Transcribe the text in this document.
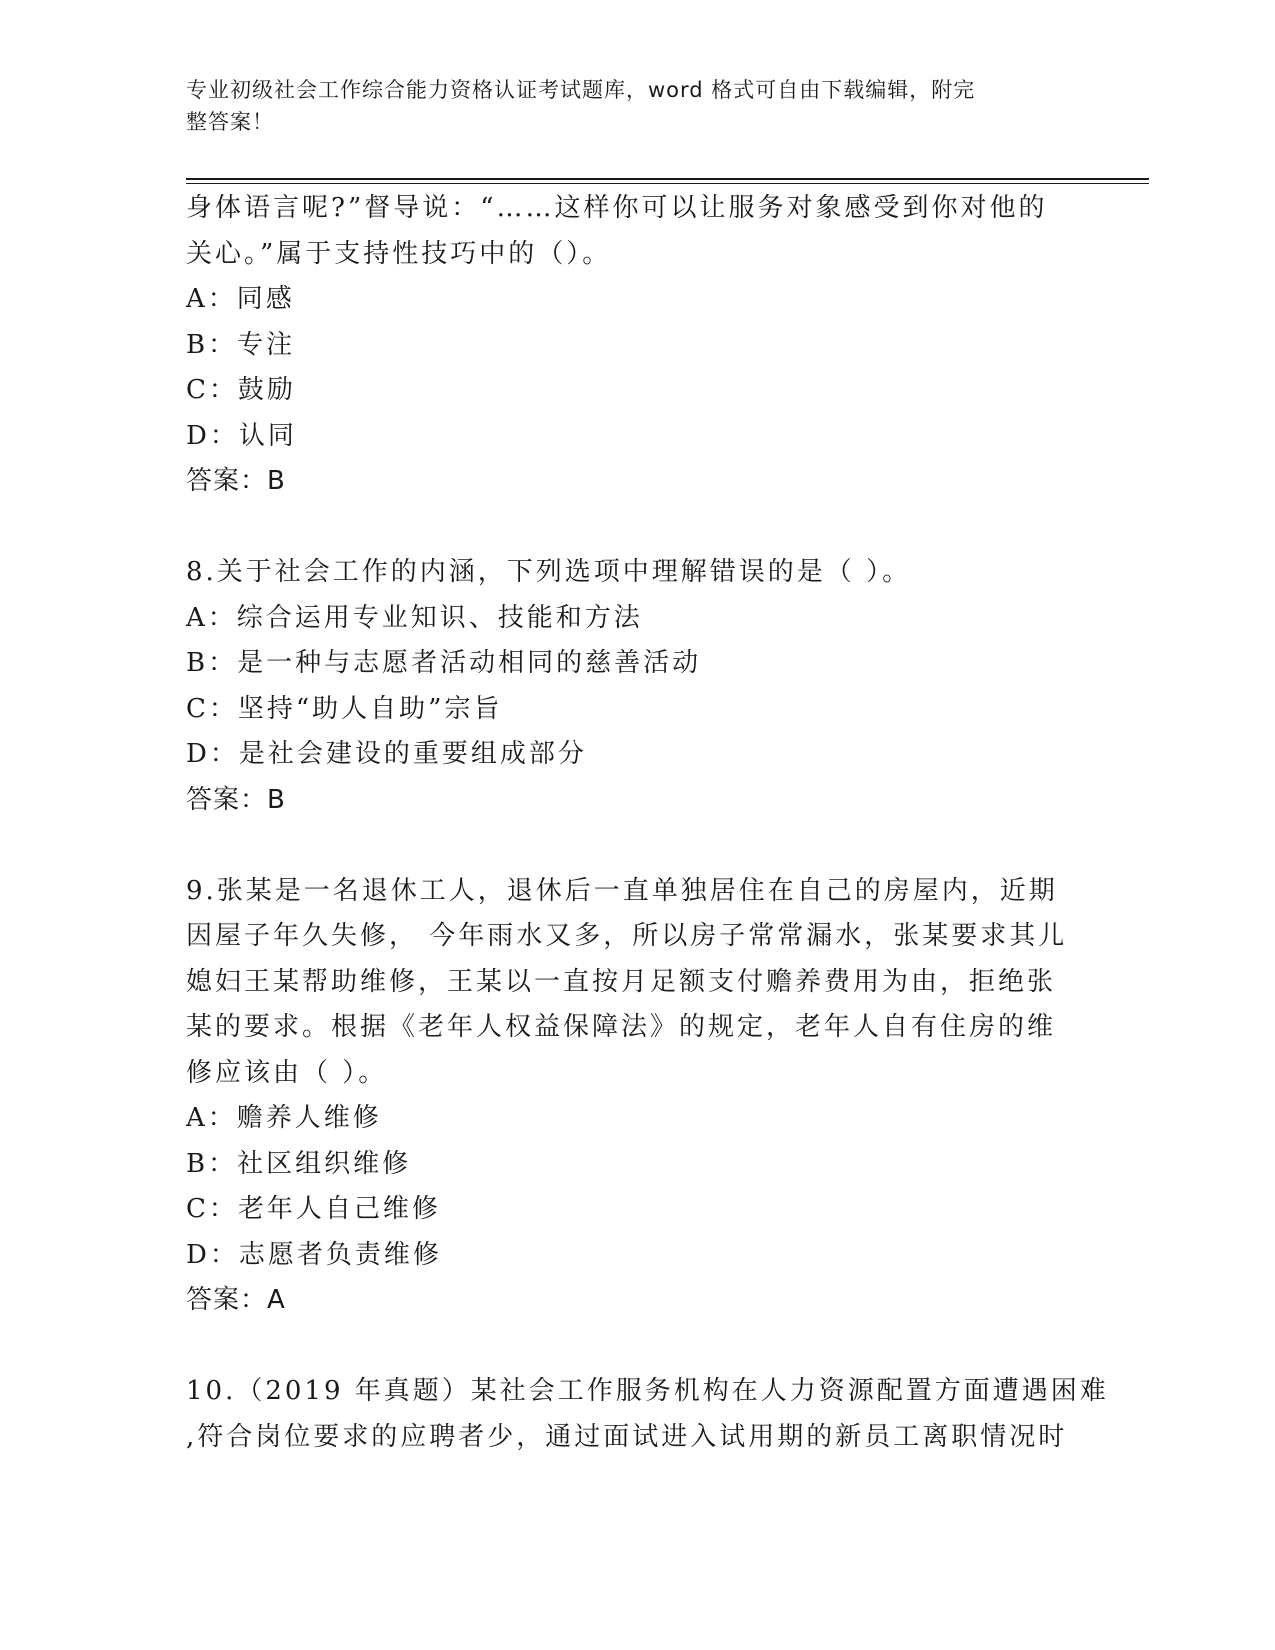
专业初级社会工作综合能力资格认证考试题库，word 格式可自由下载编辑，附完
整答案！
身体语言呢?”督导说：“……这样你可以让服务对象感受到你对他的
关心。”属于支持性技巧中的（）。
A：同感
B：专注
C：鼓励
D：认同
答案：B
8.关于社会工作的内涵，下列选项中理解错误的是（ ）。
A：综合运用专业知识、技能和方法
B：是一种与志愿者活动相同的慈善活动
C：坚持“助人自助”宗旨
D：是社会建设的重要组成部分
答案：B
9.张某是一名退休工人，退休后一直单独居住在自己的房屋内，近期
因屋子年久失修， 今年雨水又多，所以房子常常漏水，张某要求其儿
媳妇王某帮助维修，王某以一直按月足额支付赡养费用为由，拒绝张
某的要求。根据《老年人权益保障法》的规定，老年人自有住房的维
修应该由（ ）。
A：赡养人维修
B：社区组织维修
C：老年人自己维修
D：志愿者负责维修
答案：A
10.（2019 年真题）某社会工作服务机构在人力资源配置方面遭遇困难
,符合岗位要求的应聘者少，通过面试进入试用期的新员工离职情况时
